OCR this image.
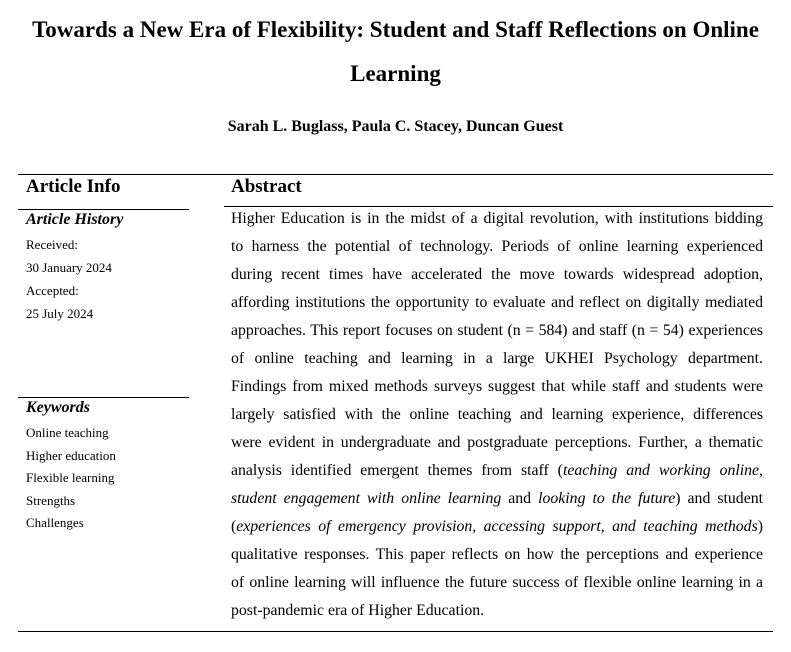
Towards a New Era of Flexibility: Student and Staff Reflections on Online
Learning
Sarah L. Buglass, Paula C. Stacey, Duncan Guest
Article Info	Abstract
Article History
Received:
30 January 2024
Accepted:
25 July 2024
Keywords
Online teaching
Higher education
Flexible learning
Strengths
Challenges
Higher Education is in the midst of a digital revolution, with institutions bidding
to harness the potential of technology. Periods of online learning experienced
during recent times have accelerated the move towards widespread adoption,
affording institutions the opportunity to evaluate and reflect on digitally mediated
approaches. This report focuses on student (n = 584) and staff (n = 54) experiences
of online teaching and learning in a large UKHEI Psychology department.
Findings from mixed methods surveys suggest that while staff and students were
largely satisfied with the online teaching and learning experience, differences
were evident in undergraduate and postgraduate perceptions. Further, a thematic
analysis identified emergent themes from staff (teaching and working online,
student engagement with online learning and looking to the future) and student
(experiences of emergency provision, accessing support, and teaching methods)
qualitative responses. This paper reflects on how the perceptions and experience
of online learning will influence the future success of flexible online learning in a
post-pandemic era of Higher Education.
